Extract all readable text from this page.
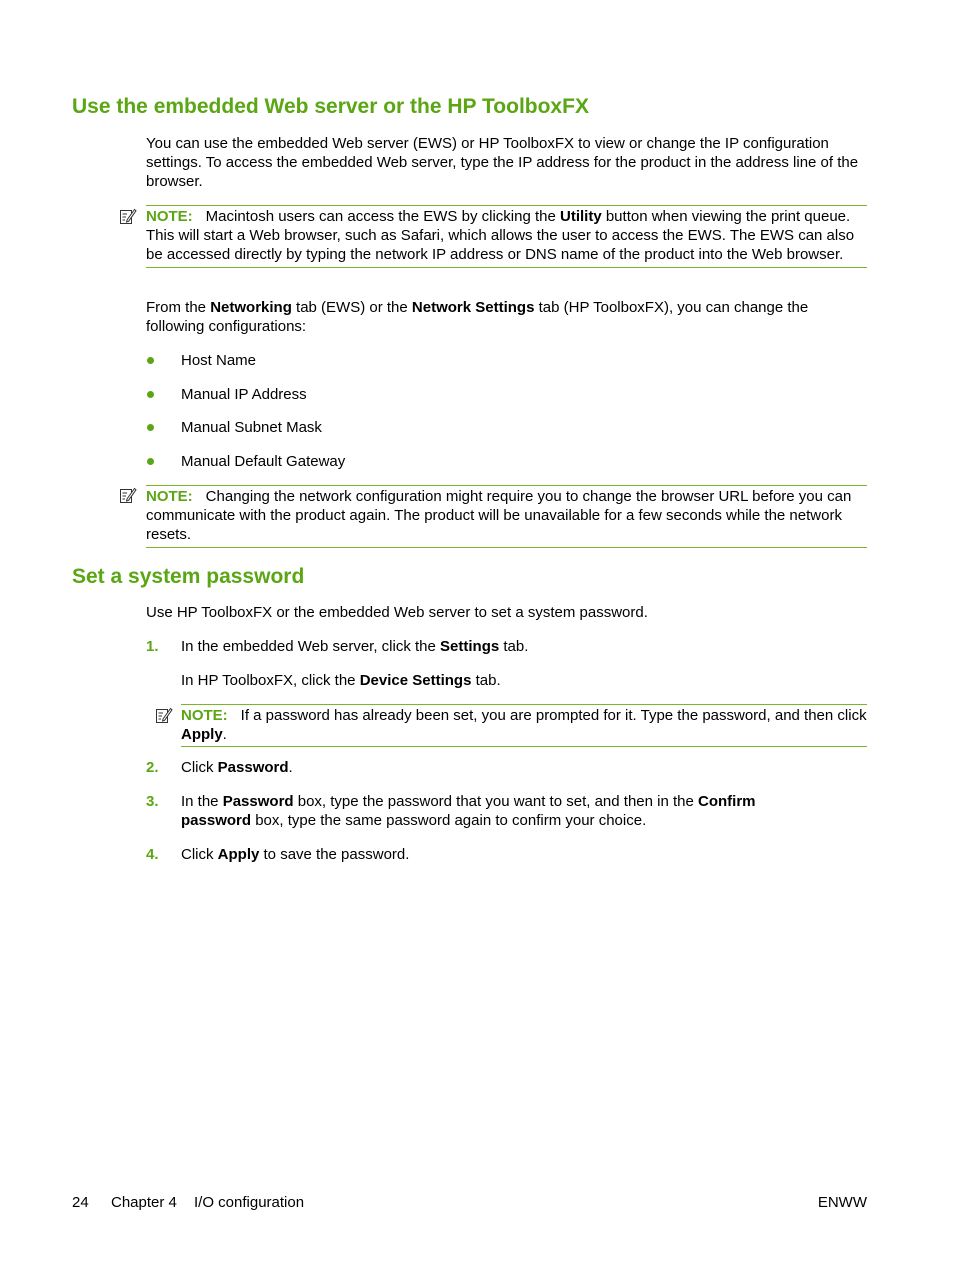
Use the embedded Web server or the HP ToolboxFX

You can use the embedded Web server (EWS) or HP ToolboxFX to view or change the IP configuration settings. To access the embedded Web server, type the IP address for the product in the address line of the browser.

NOTE: Macintosh users can access the EWS by clicking the Utility button when viewing the print queue. This will start a Web browser, such as Safari, which allows the user to access the EWS. The EWS can also be accessed directly by typing the network IP address or DNS name of the product into the Web browser.

From the Networking tab (EWS) or the Network Settings tab (HP ToolboxFX), you can change the following configurations:

Host Name

Manual IP Address

Manual Subnet Mask

Manual Default Gateway

NOTE: Changing the network configuration might require you to change the browser URL before you can communicate with the product again. The product will be unavailable for a few seconds while the network resets.
Set a system password

Use HP ToolboxFX or the embedded Web server to set a system password.

1. In the embedded Web server, click the Settings tab.

In HP ToolboxFX, click the Device Settings tab.

NOTE: If a password has already been set, you are prompted for it. Type the password, and then click Apply.
2. Click Password.

3. In the Password box, type the password that you want to set, and then in the Confirm password box, type the same password again to confirm your choice.

4. Click Apply to save the password.

24 Chapter 4 I/O configuration	ENWW
